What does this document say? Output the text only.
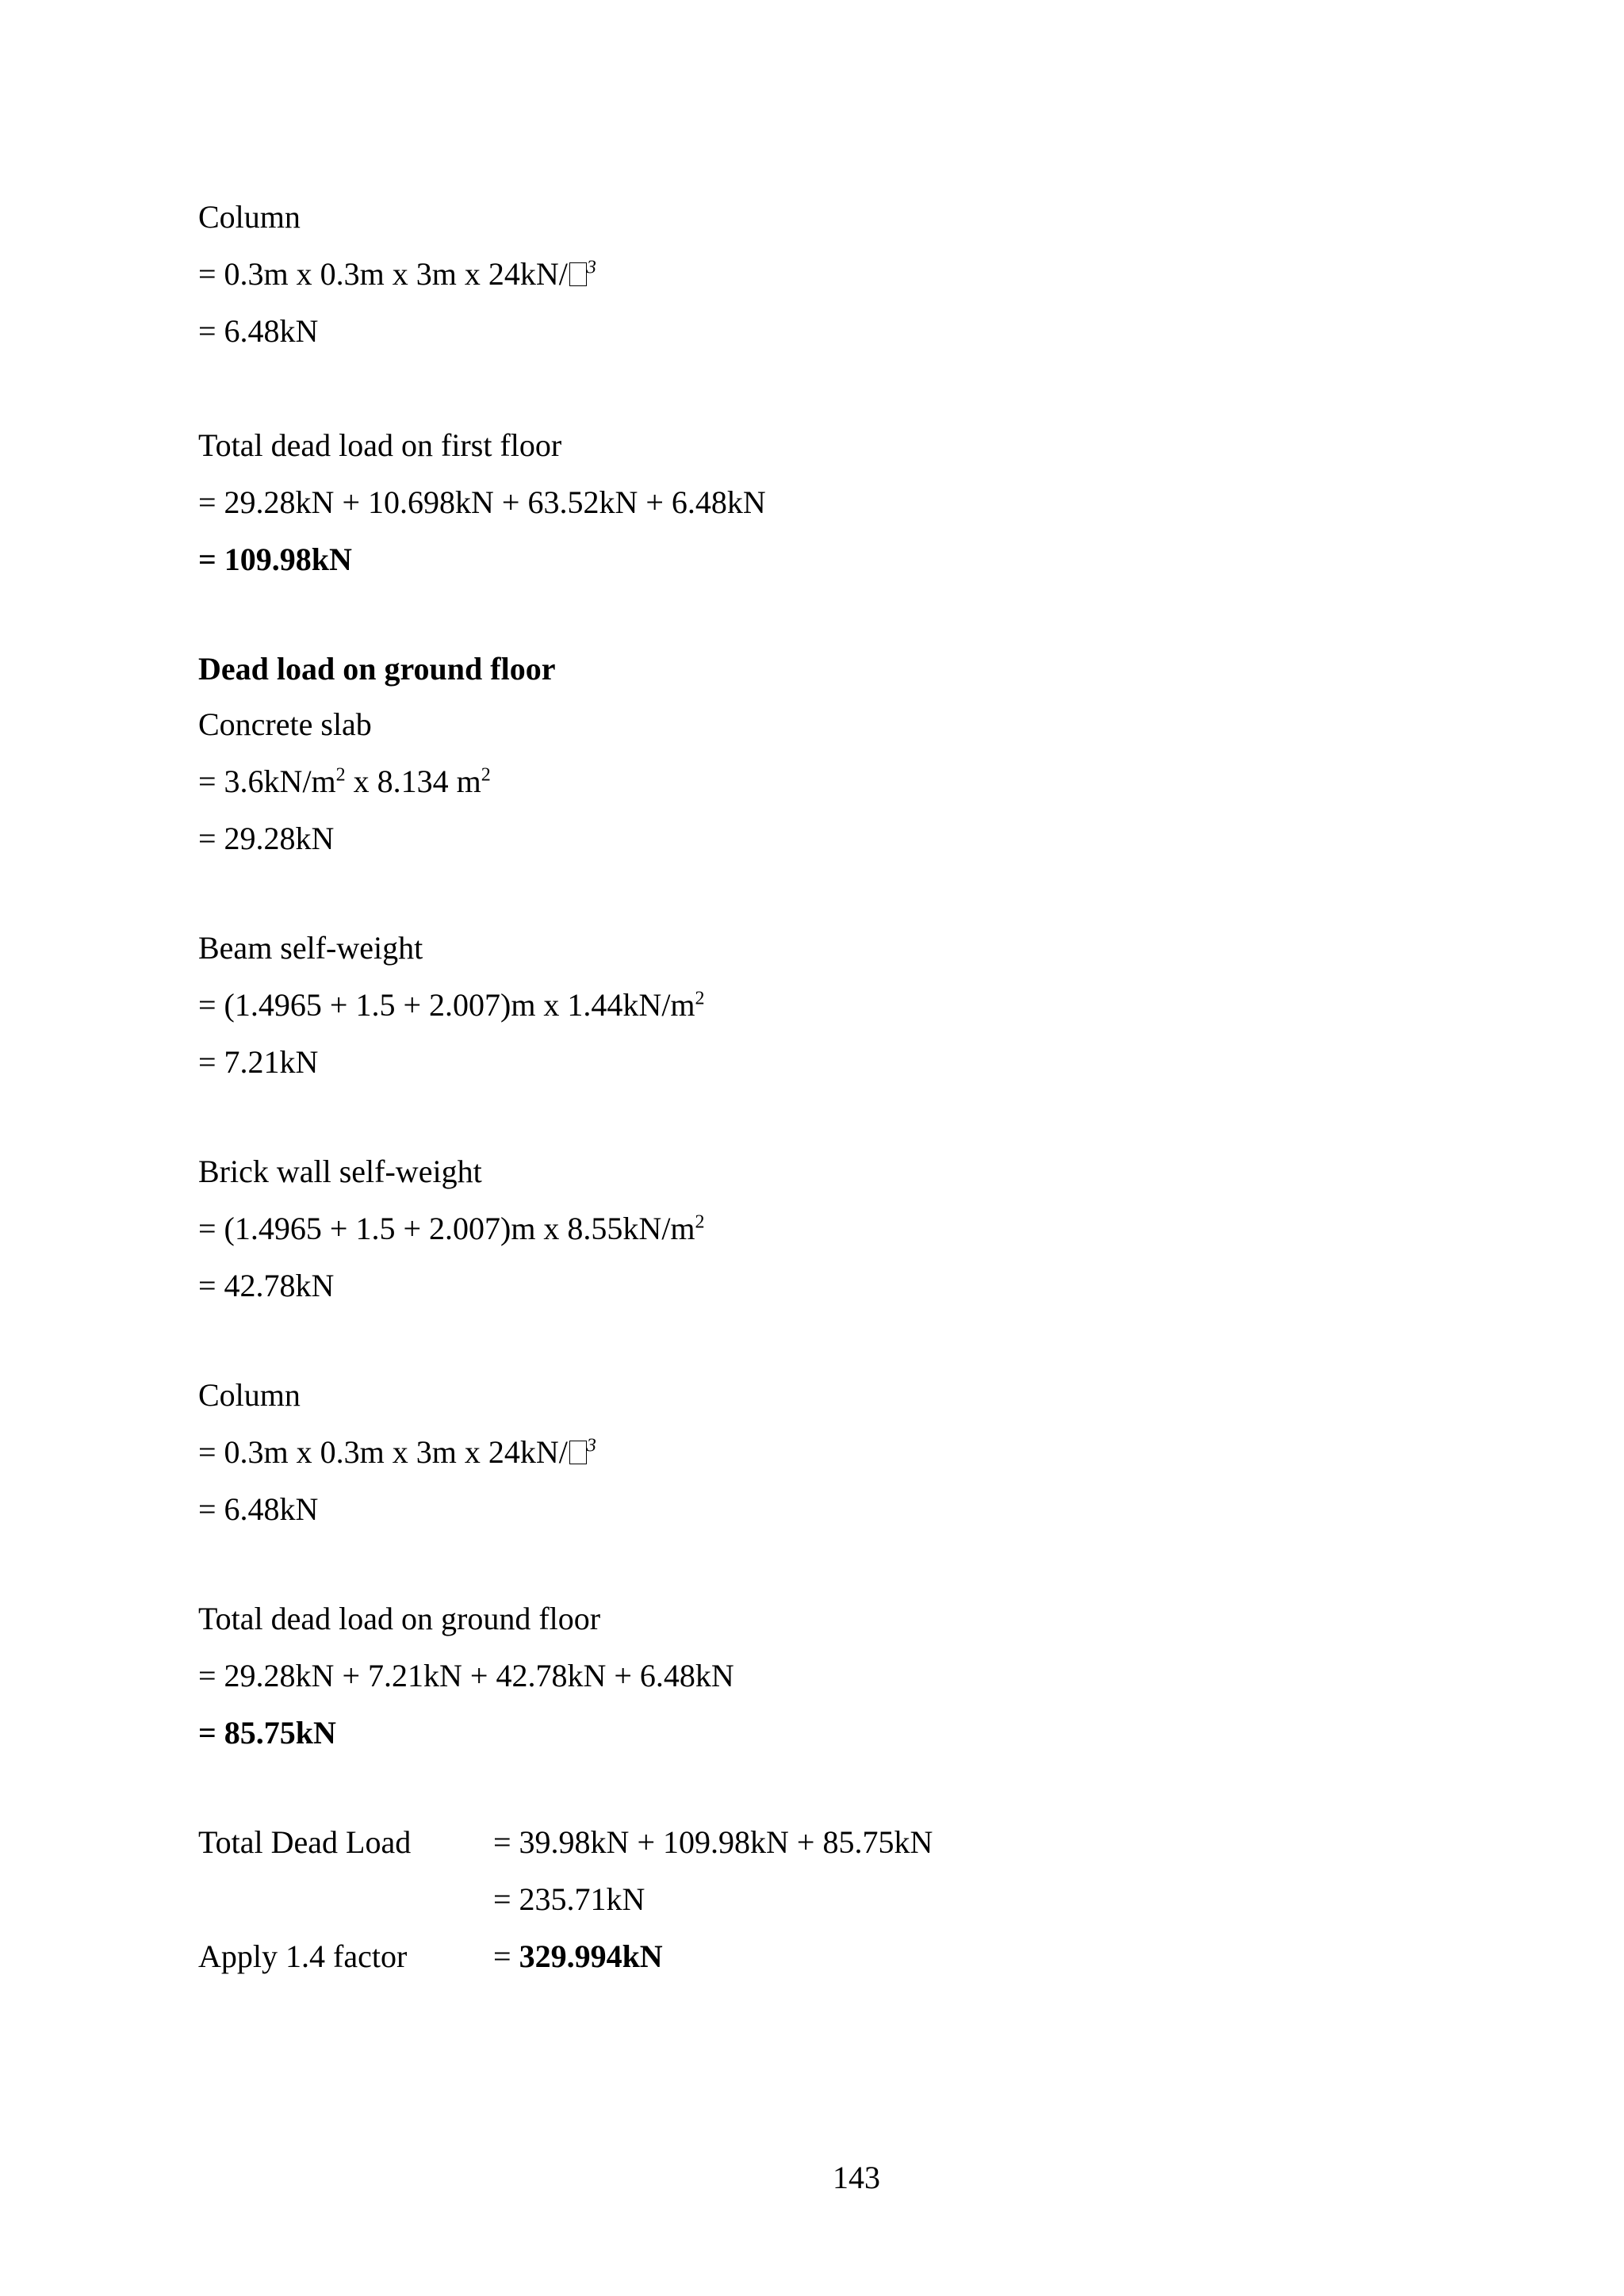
Column
= 0.3m x 0.3m x 3m x 24kN/ $^3$
= 6.48kN
Total dead load on first floor
= 29.28kN + 10.698kN + 63.52kN + 6.48kN
= 109.98kN
Dead load on ground floor
Concrete slab
= $3.6kN/m^2$ x 8.134 $m^2$
= 29.28kN
Beam self-weight
= (1.4965 + 1.5 + 2.007)m x $1.44kN/m^2$
= 7.21kN
Brick wall self-weight
= (1.4965 + 1.5 + 2.007)m x $8.55kN/m^2$
= 42.78kN
Column
= 0.3m x 0.3m x 3m x 24kN/ $^3$
= 6.48kN
Total dead load on ground floor
= 29.28kN + 7.21kN + 42.78kN + 6.48kN
= 85.75kN
Total Dead Load	= 39.98kN + 109.98kN + 85.75kN
= 235.71kN
Apply 1.4 factor	= 329.994kN
143
